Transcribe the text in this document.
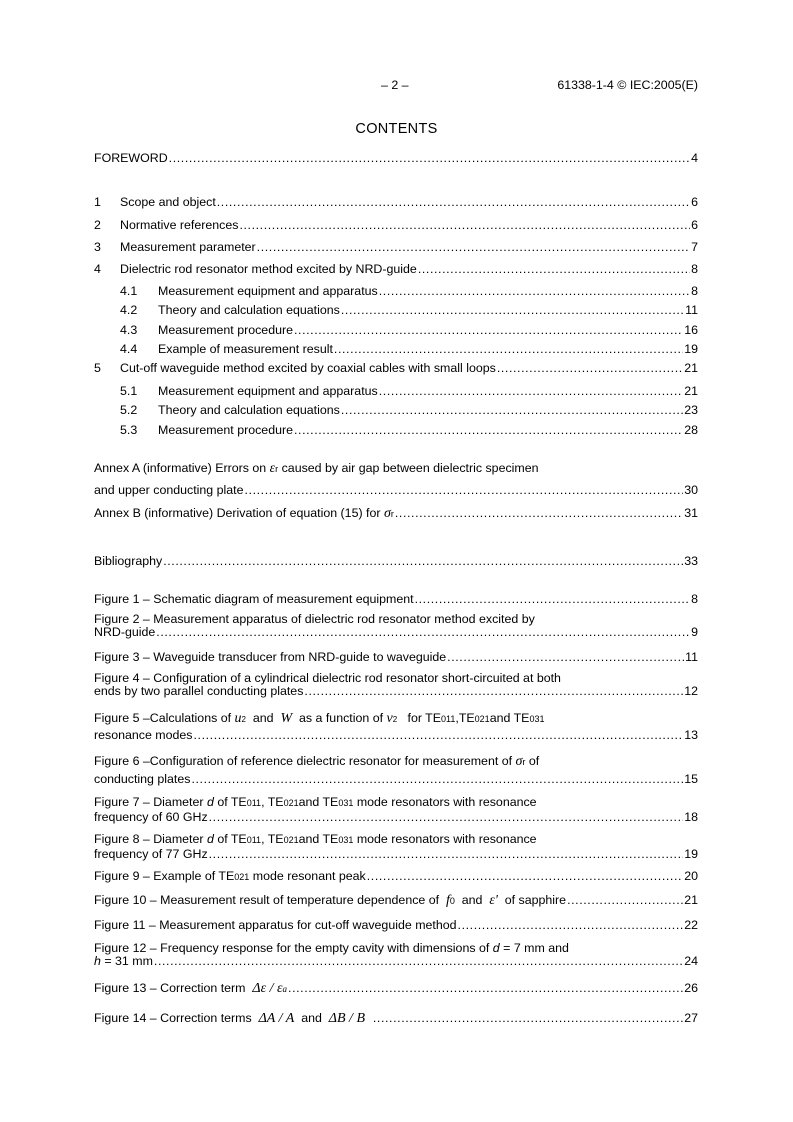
– 2 –	61338-1-4 © IEC:2005(E)
CONTENTS
FOREWORD .....	4
1	Scope and object .....	6
2	Normative references .....	6
3	Measurement parameter .....	7
4	Dielectric rod resonator method excited by NRD-guide .....	8
4.1	Measurement equipment and apparatus .....	8
4.2	Theory and calculation equations .....	11
4.3	Measurement procedure .....	16
4.4	Example of measurement result .....	19
5	Cut-off waveguide method excited by coaxial cables with small loops .....	21
5.1	Measurement equipment and apparatus .....	21
5.2	Theory and calculation equations .....	23
5.3	Measurement procedure .....	28
Annex A (informative) Errors on
ε r
caused by air gap between dielectric specimen
and upper conducting plate .....	30
Annex B (informative) Derivation of equation (15) for
σ r .....	31
Bibliography .....	33
Figure 1 – Schematic diagram of measurement equipment .....	8
Figure 2 – Measurement apparatus of dielectric rod resonator method excited by
NRD-guide .....	9
Figure 3 – Waveguide transducer from NRD-guide to waveguide .....	11
Figure 4 – Configuration of a cylindrical dielectric rod resonator short-circuited at both
ends by two parallel conducting plates .....	12
Figure 5 –Calculations of
u 2
and
W
as a function of
v 2
for TE 011 , TE 021 and TE 031
resonance modes .....	13
Figure 6 –Configuration of reference dielectric resonator for measurement of
σ r
of
conducting plates .....	15
Figure 7 – Diameter
d
of TE 011 , TE 021 and TE 031
mode resonators with resonance
frequency of 60 GHz .....	18
Figure 8 – Diameter
d
of TE 011 , TE 021 and TE 031
mode resonators with resonance
frequency of 77 GHz .....	19
Figure 9 – Example of TE 021
mode resonant peak .....	20
Figure 10 – Measurement result of temperature dependence of
f 0
and
ε'
of sapphire .....	21
Figure 11 – Measurement apparatus for cut-off waveguide method .....	22
Figure 12 – Frequency response for the empty cavity with dimensions of
d
= 7 mm and
h
= 31 mm .....	24
Figure 13 – Correction term
Δε / ε a .....	26
Figure 14 – Correction terms
ΔA / A
and
ΔB / B
.....	27
